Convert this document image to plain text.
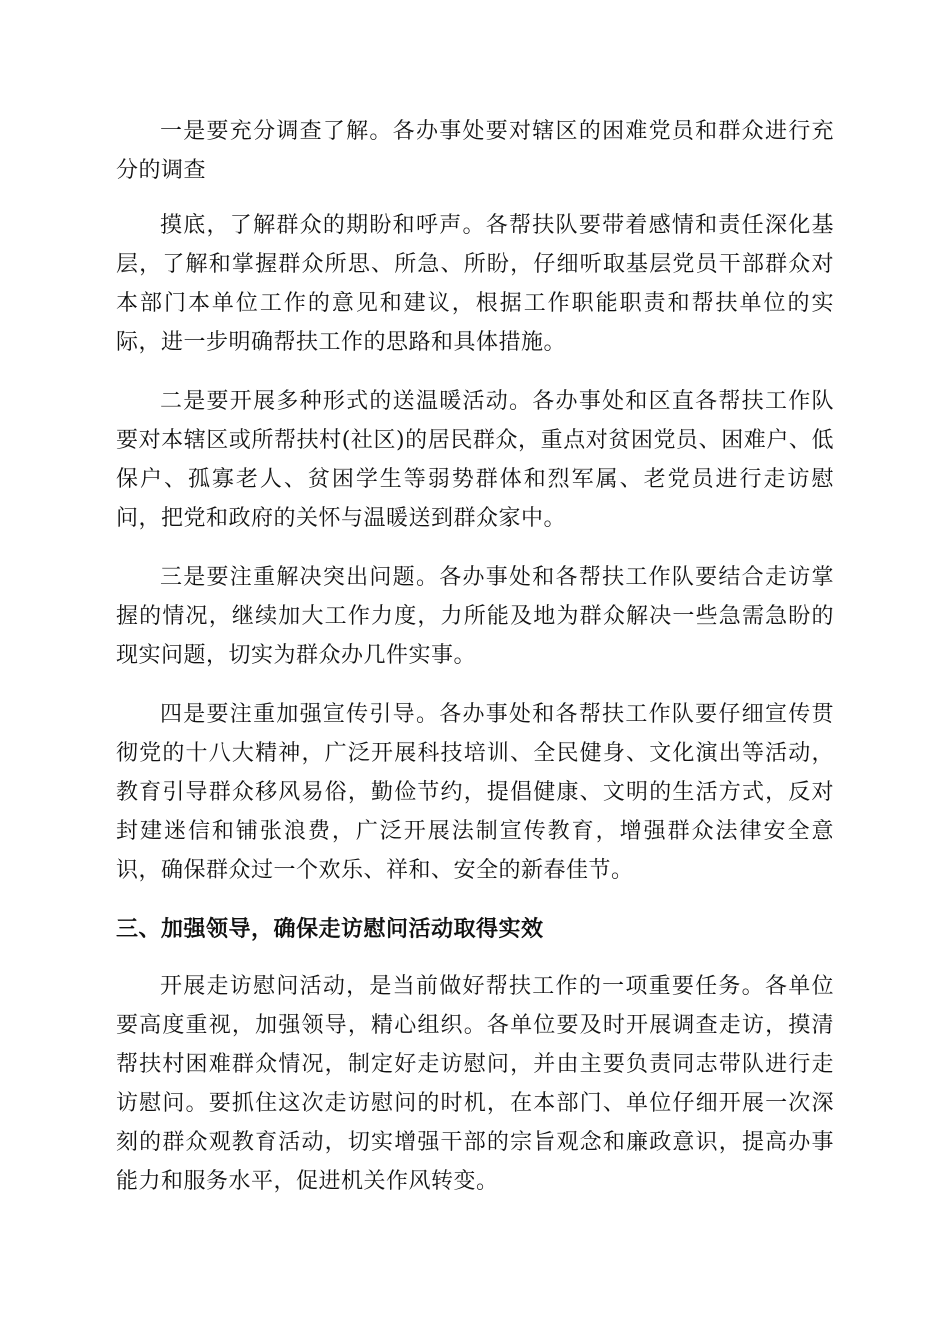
一是要充分调查了解。各办事处要对辖区的困难党员和群众进行充分的调查

摸底，了解群众的期盼和呼声。各帮扶队要带着感情和责任深化基层，了解和掌握群众所思、所急、所盼，仔细听取基层党员干部群众对本部门本单位工作的意见和建议，根据工作职能职责和帮扶单位的实际，进一步明确帮扶工作的思路和具体措施。

二是要开展多种形式的送温暖活动。各办事处和区直各帮扶工作队要对本辖区或所帮扶村(社区)的居民群众，重点对贫困党员、困难户、低保户、孤寡老人、贫困学生等弱势群体和烈军属、老党员进行走访慰问，把党和政府的关怀与温暖送到群众家中。

三是要注重解决突出问题。各办事处和各帮扶工作队要结合走访掌握的情况，继续加大工作力度，力所能及地为群众解决一些急需急盼的现实问题，切实为群众办几件实事。

四是要注重加强宣传引导。各办事处和各帮扶工作队要仔细宣传贯彻党的十八大精神，广泛开展科技培训、全民健身、文化演出等活动，教育引导群众移风易俗，勤俭节约，提倡健康、文明的生活方式，反对封建迷信和铺张浪费，广泛开展法制宣传教育，增强群众法律安全意识，确保群众过一个欢乐、祥和、安全的新春佳节。

三、加强领导，确保走访慰问活动取得实效

开展走访慰问活动，是当前做好帮扶工作的一项重要任务。各单位要高度重视，加强领导，精心组织。各单位要及时开展调查走访，摸清帮扶村困难群众情况，制定好走访慰问，并由主要负责同志带队进行走访慰问。要抓住这次走访慰问的时机，在本部门、单位仔细开展一次深刻的群众观教育活动，切实增强干部的宗旨观念和廉政意识，提高办事能力和服务水平，促进机关作风转变。
